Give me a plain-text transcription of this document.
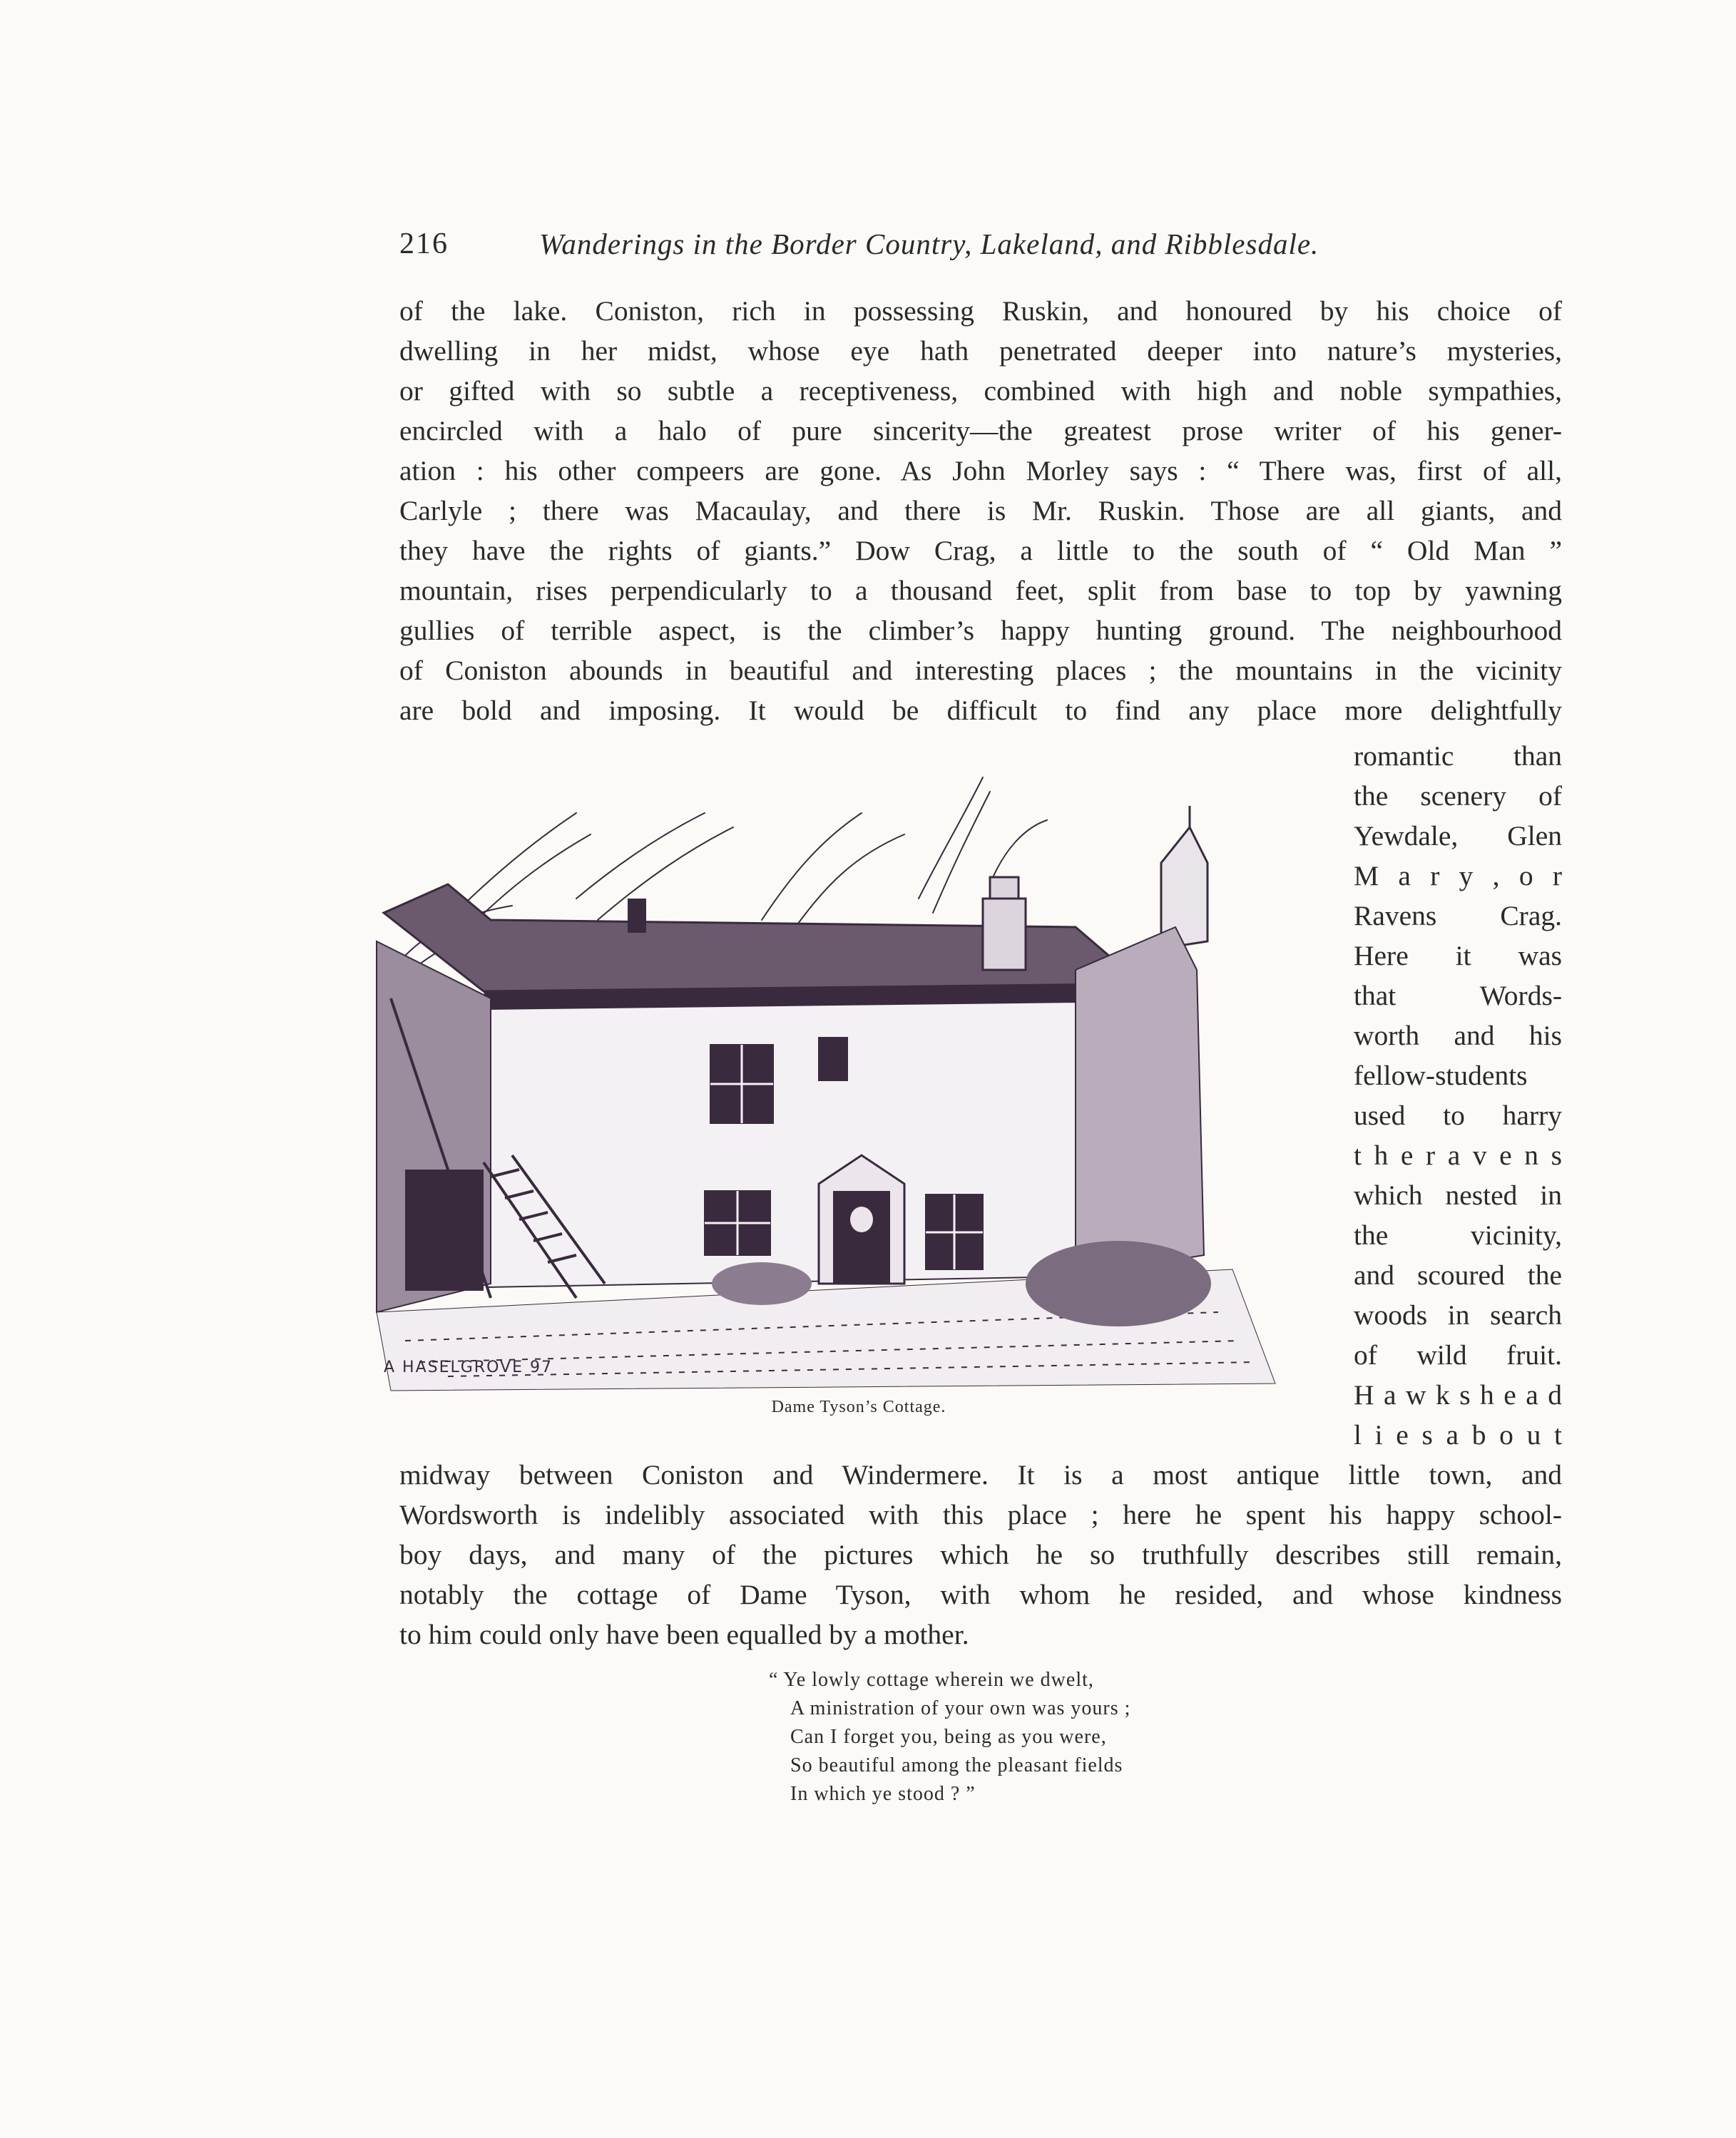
216	Wanderings in the Border Country, Lakeland, and Ribblesdale.
of the lake. Coniston, rich in possessing Ruskin, and honoured by his choice of
dwelling in her midst, whose eye hath penetrated deeper into nature’s mysteries,
or gifted with so subtle a receptiveness, combined with high and noble sympathies,
encircled with a halo of pure sincerity—the greatest prose writer of his gener-
ation : his other compeers are gone. As John Morley says : “ There was, first of all,
Carlyle ; there was Macaulay, and there is Mr. Ruskin. Those are all giants, and
they have the rights of giants.” Dow Crag, a little to the south of “ Old Man ”
mountain, rises perpendicularly to a thousand feet, split from base to top by yawning
gullies of terrible aspect, is the climber’s happy hunting ground. The neighbourhood
of Coniston abounds in beautiful and interesting places ; the mountains in the vicinity
are bold and imposing. It would be difficult to find any place more delightfully
romantic than
the scenery of
Yewdale, Glen
M a r y , o r
Ravens Crag.
Here it was
that Words-
worth and his
fellow-students
used to harry
t h e r a v e n s
which nested in
the vicinity,
and scoured the
woods in search
of wild fruit.
H a w k s h e a d
l i e s a b o u t
A HASELGROVE 97
Dame Tyson’s Cottage.
midway between Coniston and Windermere. It is a most antique little town, and
Wordsworth is indelibly associated with this place ; here he spent his happy school-
boy days, and many of the pictures which he so truthfully describes still remain,
notably the cottage of Dame Tyson, with whom he resided, and whose kindness
to him could only have been equalled by a mother.
“ Ye lowly cottage wherein we dwelt,
A ministration of your own was yours ;
Can I forget you, being as you were,
So beautiful among the pleasant fields
In which ye stood ? ”
